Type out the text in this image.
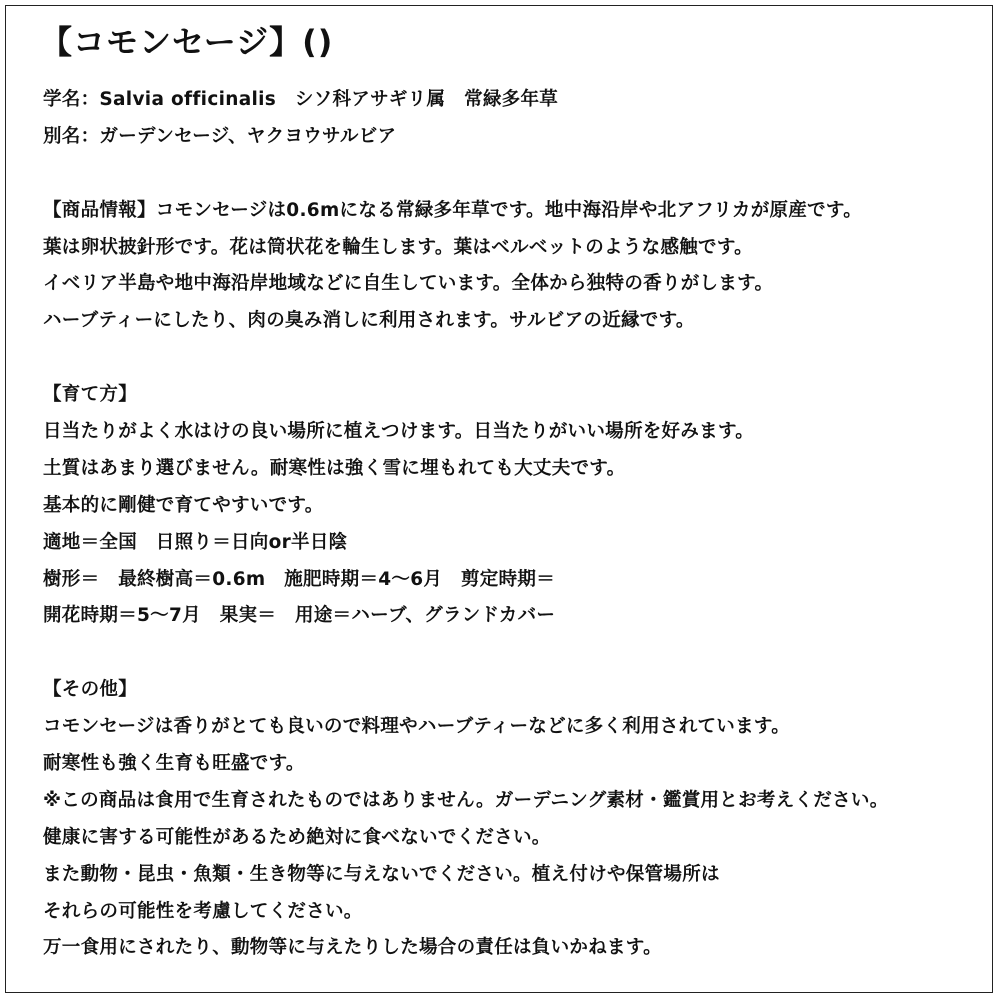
【コモンセージ】()
学名：Salvia officinalis　シソ科アサギリ属　常緑多年草
別名：ガーデンセージ、ヤクヨウサルビア
【商品情報】コモンセージは0.6mになる常緑多年草です。地中海沿岸や北アフリカが原産です。
葉は卵状披針形です。花は筒状花を輪生します。葉はベルベットのような感触です。
イベリア半島や地中海沿岸地域などに自生しています。全体から独特の香りがします。
ハーブティーにしたり、肉の臭み消しに利用されます。サルビアの近縁です。
【育て方】
日当たりがよく水はけの良い場所に植えつけます。日当たりがいい場所を好みます。
土質はあまり選びません。耐寒性は強く雪に埋もれても大丈夫です。
基本的に剛健で育てやすいです。
適地＝全国　日照り＝日向or半日陰
樹形＝　最終樹高＝0.6m　施肥時期＝4～6月　剪定時期＝
開花時期＝5～7月　果実＝　用途＝ハーブ、グランドカバー
【その他】
コモンセージは香りがとても良いので料理やハーブティーなどに多く利用されています。
耐寒性も強く生育も旺盛です。
※この商品は食用で生育されたものではありません。ガーデニング素材・鑑賞用とお考えください。
健康に害する可能性があるため絶対に食べないでください。
また動物・昆虫・魚類・生き物等に与えないでください。植え付けや保管場所は
それらの可能性を考慮してください。
万一食用にされたり、動物等に与えたりした場合の責任は負いかねます。
